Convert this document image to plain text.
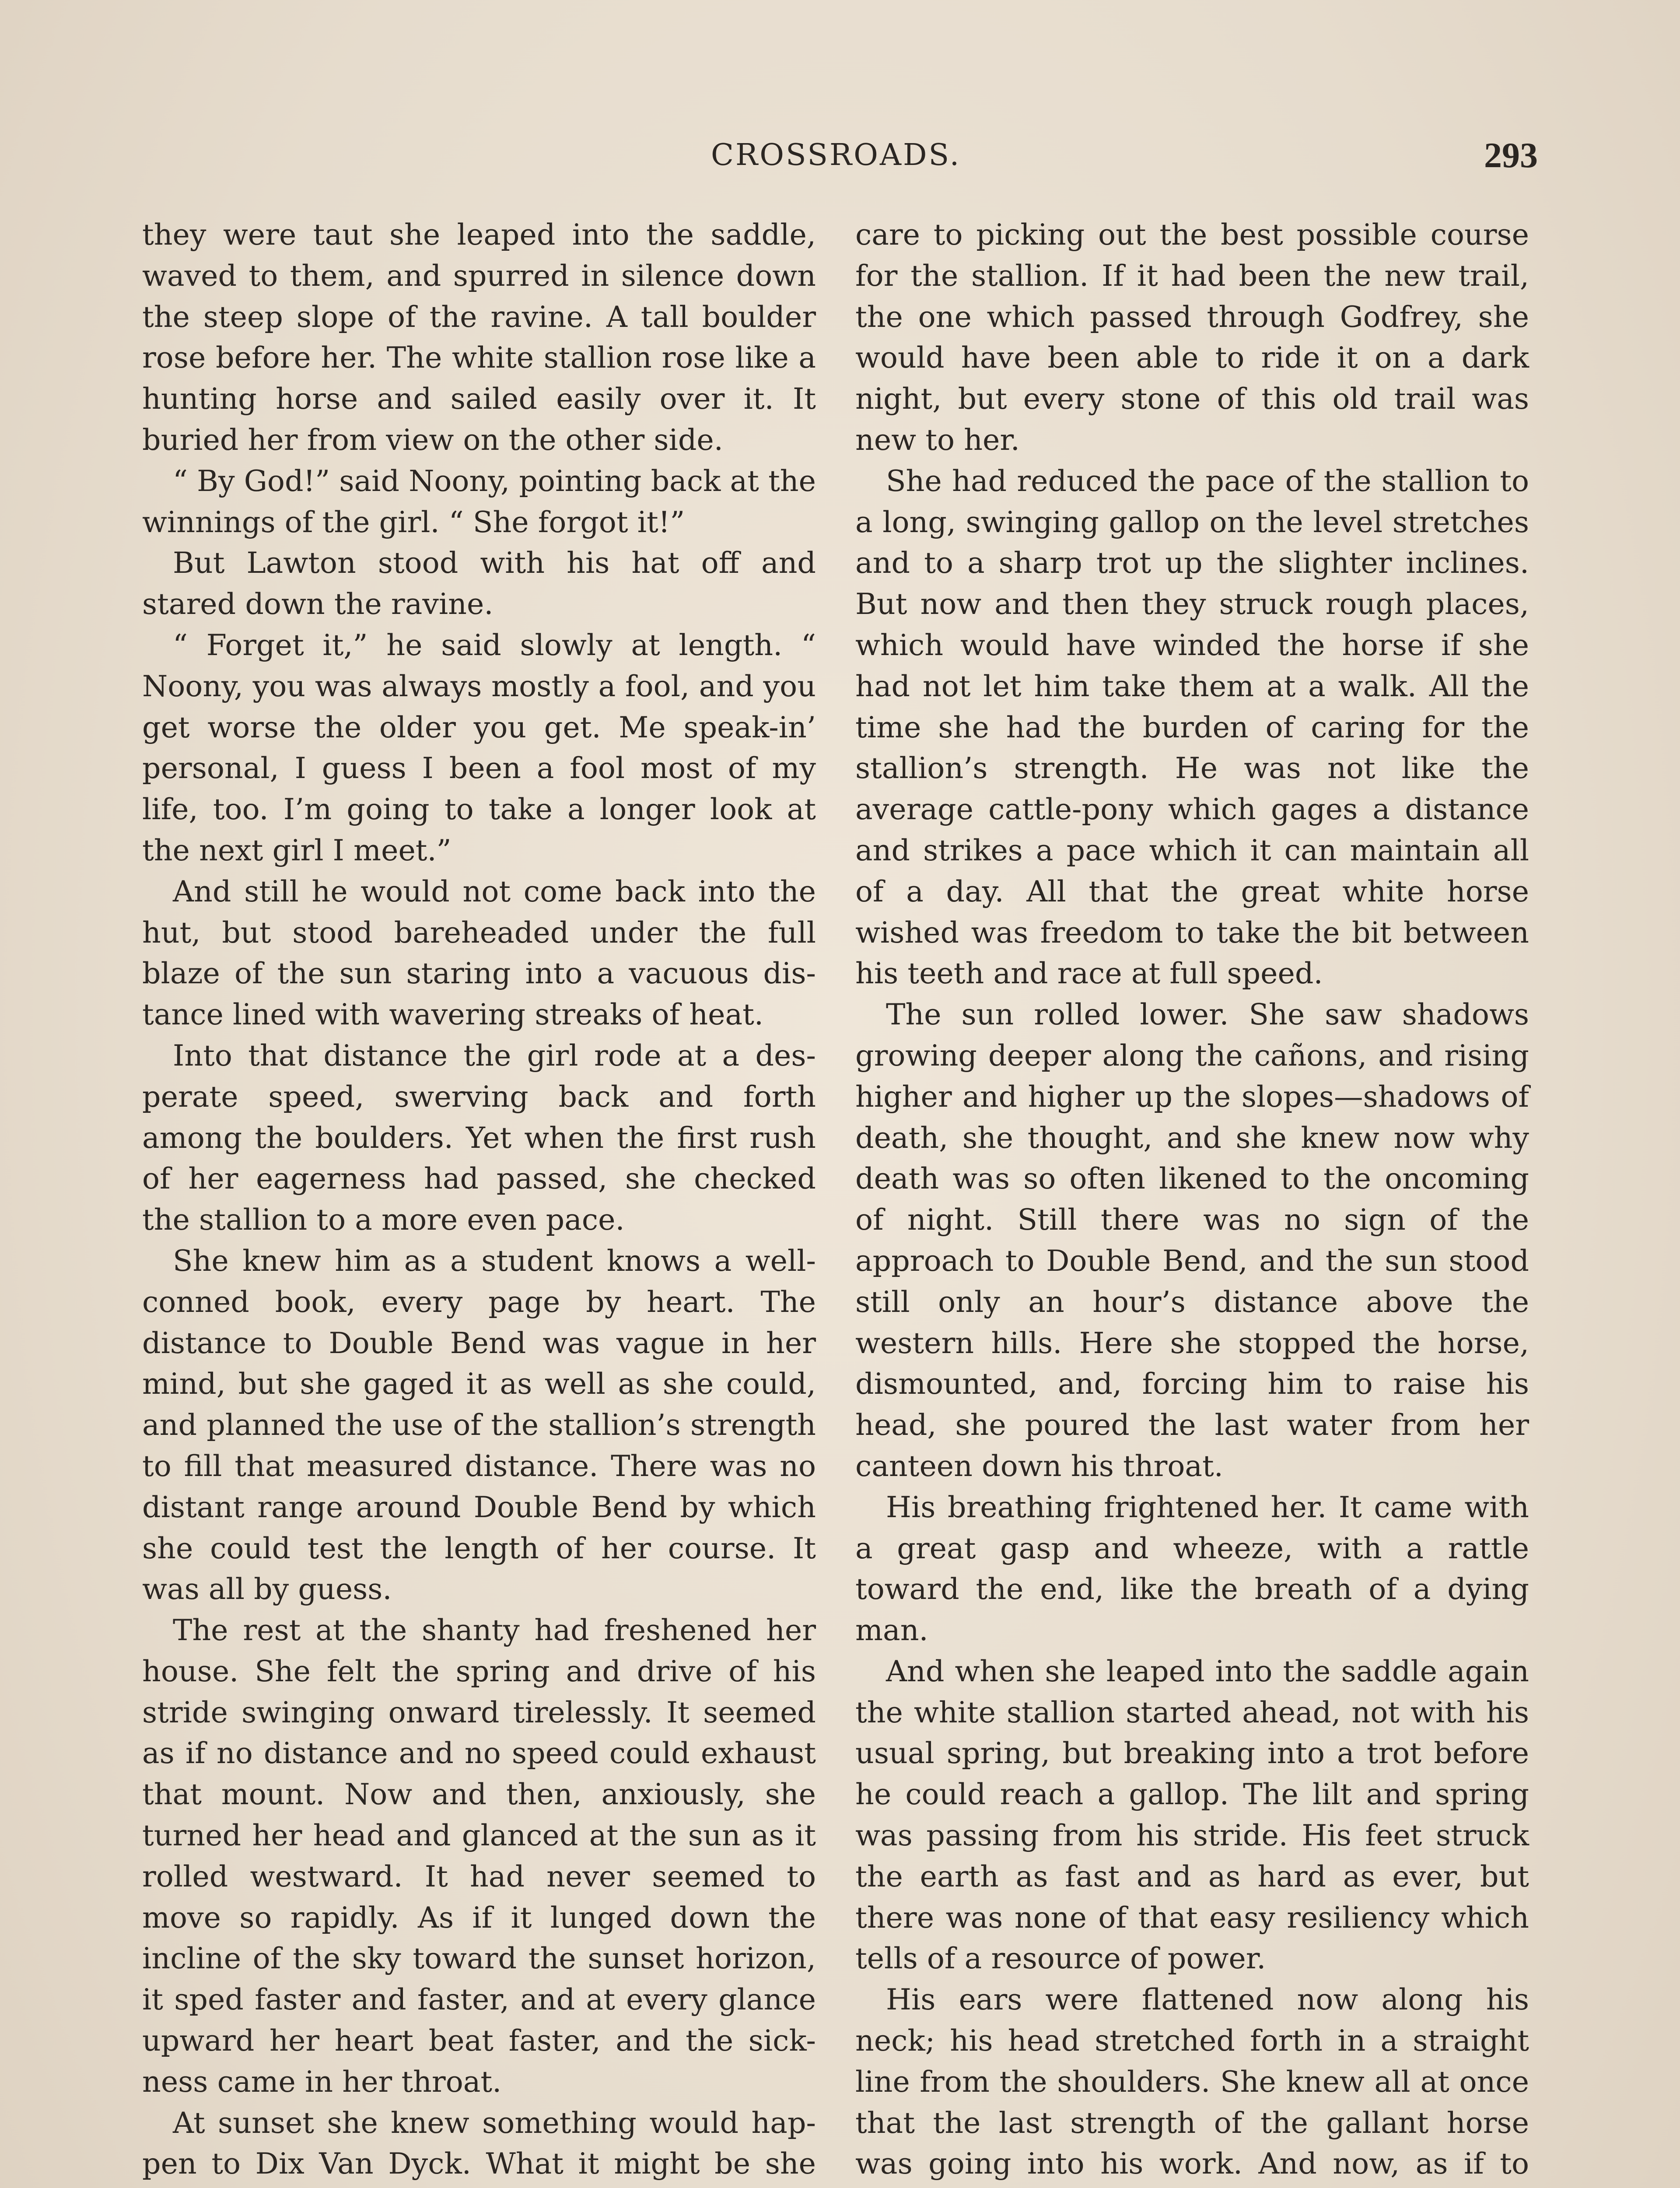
CROSSROADS.	293

they were taut she leaped into the saddle, waved to them, and spurred in silence down the steep slope of the ravine. A tall boulder rose before her. The white stallion rose like a hunting horse and sailed easily over it. It buried her from view on the other side.

“ By God!” said Noony, pointing back at the winnings of the girl. “ She forgot it!”

But Lawton stood with his hat off and stared down the ravine.

“ Forget it,” he said slowly at length. “ Noony, you was always mostly a fool, and you get worse the older you get. Me speak-in’ personal, I guess I been a fool most of my life, too. I’m going to take a longer look at the next girl I meet.”

And still he would not come back into the hut, but stood bareheaded under the full blaze of the sun staring into a vacuous dis-tance lined with wavering streaks of heat.

Into that distance the girl rode at a des-perate speed, swerving back and forth among the boulders. Yet when the first rush of her eagerness had passed, she checked the stallion to a more even pace.

She knew him as a student knows a well-conned book, every page by heart. The distance to Double Bend was vague in her mind, but she gaged it as well as she could, and planned the use of the stallion’s strength to fill that measured distance. There was no distant range around Double Bend by which she could test the length of her course. It was all by guess.

The rest at the shanty had freshened her house. She felt the spring and drive of his stride swinging onward tirelessly. It seemed as if no distance and no speed could exhaust that mount. Now and then, anxiously, she turned her head and glanced at the sun as it rolled westward. It had never seemed to move so rapidly. As if it lunged down the incline of the sky toward the sunset horizon, it sped faster and faster, and at every glance upward her heart beat faster, and the sick-ness came in her throat.

At sunset she knew something would hap-pen to Dix Van Dyck. What it might be she

care to picking out the best possible course for the stallion. If it had been the new trail, the one which passed through Godfrey, she would have been able to ride it on a dark night, but every stone of this old trail was new to her.

She had reduced the pace of the stallion to a long, swinging gallop on the level stretches and to a sharp trot up the slighter inclines. But now and then they struck rough places, which would have winded the horse if she had not let him take them at a walk. All the time she had the burden of caring for the stallion’s strength. He was not like the average cattle-pony which gages a distance and strikes a pace which it can maintain all of a day. All that the great white horse wished was freedom to take the bit between his teeth and race at full speed.

The sun rolled lower. She saw shadows growing deeper along the cañons, and rising higher and higher up the slopes—shadows of death, she thought, and she knew now why death was so often likened to the oncoming of night. Still there was no sign of the approach to Double Bend, and the sun stood still only an hour’s distance above the western hills. Here she stopped the horse, dismounted, and, forcing him to raise his head, she poured the last water from her canteen down his throat.

His breathing frightened her. It came with a great gasp and wheeze, with a rattle toward the end, like the breath of a dying man.

And when she leaped into the saddle again the white stallion started ahead, not with his usual spring, but breaking into a trot before he could reach a gallop. The lilt and spring was passing from his stride. His feet struck the earth as fast and as hard as ever, but there was none of that easy resiliency which tells of a resource of power.

His ears were flattened now along his neck; his head stretched forth in a straight line from the shoulders. She knew all at once that the last strength of the gallant horse was going into his work. And now, as if to
